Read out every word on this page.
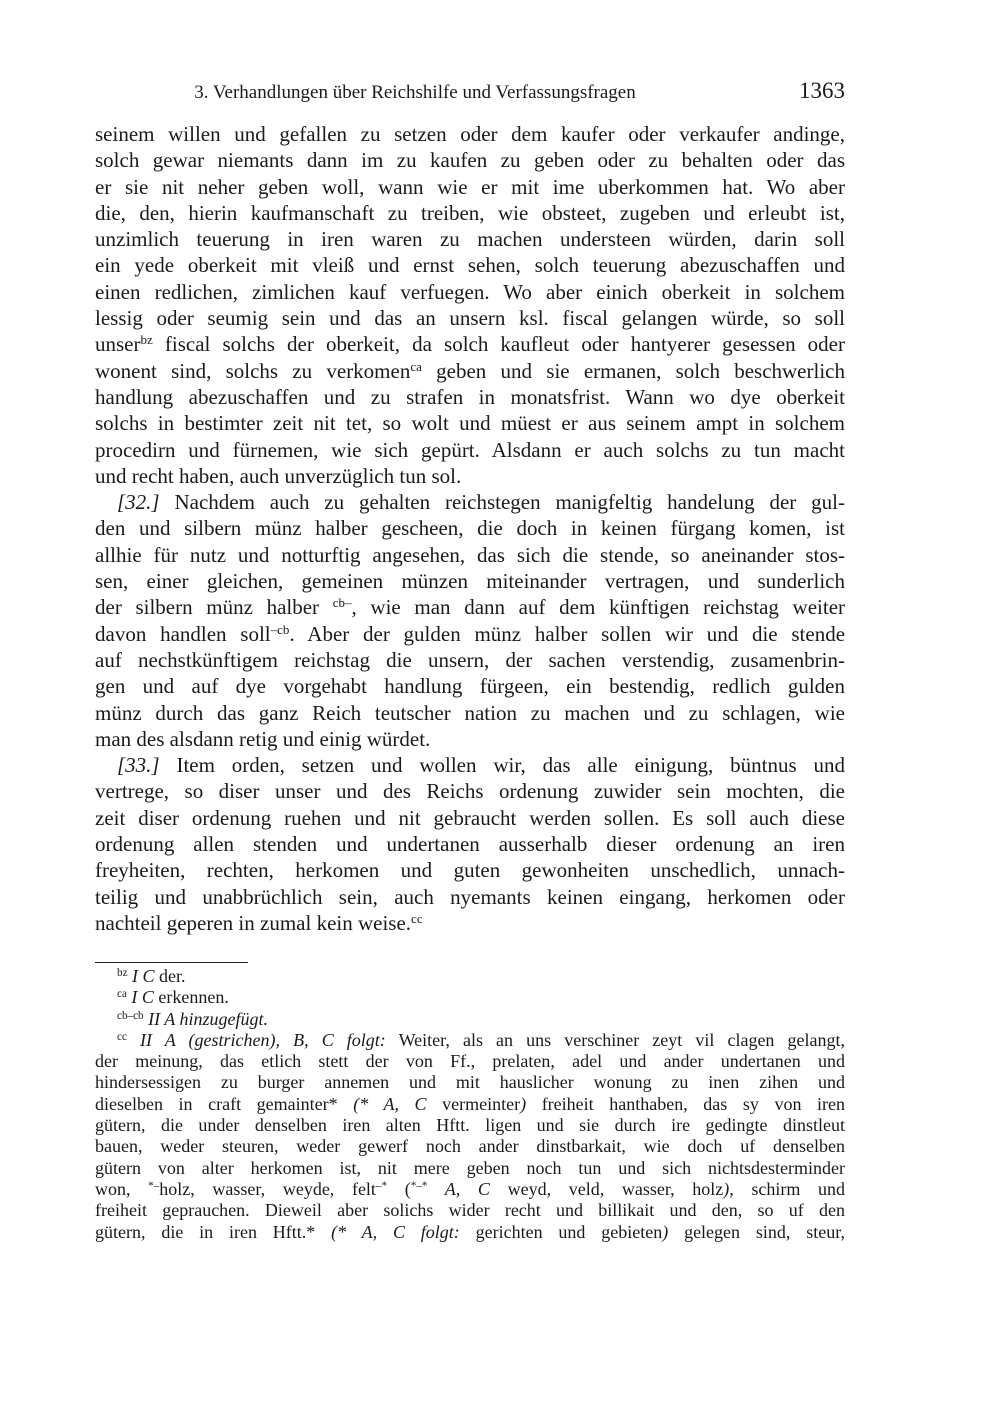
3. Verhandlungen über Reichshilfe und Verfassungsfragen	1363
seinem willen und gefallen zu setzen oder dem kaufer oder verkaufer andinge,
solch gewar niemants dann im zu kaufen zu geben oder zu behalten oder das
er sie nit neher geben woll, wann wie er mit ime uberkommen hat. Wo aber
die, den, hierin kaufmanschaft zu treiben, wie obsteet, zugeben und erleubt ist,
unzimlich teuerung in iren waren zu machen understeen würden, darin soll
ein yede oberkeit mit vleiß und ernst sehen, solch teuerung abezuschaffen und
einen redlichen, zimlichen kauf verfuegen. Wo aber einich oberkeit in solchem
lessig oder seumig sein und das an unsern ksl. fiscal gelangen würde, so soll
unser$^{bz}$ fiscal solchs der oberkeit, da solch kaufleut oder hantyerer gesessen oder
wonent sind, solchs zu verkomen$^{ca}$ geben und sie ermanen, solch beschwerlich
handlung abezuschaffen und zu strafen in monatsfrist. Wann wo dye oberkeit
solchs in bestimter zeit nit tet, so wolt und müest er aus seinem ampt in solchem
procedirn und fürnemen, wie sich gepürt. Alsdann er auch solchs zu tun macht
und recht haben, auch unverzüglich tun sol.
[32.] Nachdem auch zu gehalten reichstegen manigfeltig handelung der gul-
den und silbern münz halber gescheen, die doch in keinen fürgang komen, ist
allhie für nutz und notturftig angesehen, das sich die stende, so aneinander stos-
sen, einer gleichen, gemeinen münzen miteinander vertragen, und sunderlich
der silbern münz halber $^{cb-}$, wie man dann auf dem künftigen reichstag weiter
davon handlen soll$^{-cb}$. Aber der gulden münz halber sollen wir und die stende
auf nechstkünftigem reichstag die unsern, der sachen verstendig, zusamenbrin-
gen und auf dye vorgehabt handlung fürgeen, ein bestendig, redlich gulden
münz durch das ganz Reich teutscher nation zu machen und zu schlagen, wie
man des alsdann retig und einig würdet.
[33.] Item orden, setzen und wollen wir, das alle einigung, büntnus und
vertrege, so diser unser und des Reichs ordenung zuwider sein mochten, die
zeit diser ordenung ruehen und nit gebraucht werden sollen. Es soll auch diese
ordenung allen stenden und undertanen ausserhalb dieser ordenung an iren
freyheiten, rechten, herkomen und guten gewonheiten unschedlich, unnach-
teilig und unabbrüchlich sein, auch nyemants keinen eingang, herkomen oder
nachteil geperen in zumal kein weise.$^{cc}$
$^{bz}$ I C der.
$^{ca}$ I C erkennen.
$^{cb-cb}$ II A hinzugefügt.
$^{cc}$ II A (gestrichen), B, C folgt: Weiter, als an uns verschiner zeyt vil clagen gelangt,
der meinung, das etlich stett der von Ff., prelaten, adel und ander undertanen und
hindersessigen zu burger annemen und mit hauslicher wonung zu inen zihen und
dieselben in craft gemainter* (* A, C vermeinter) freiheit hanthaben, das sy von iren
gütern, die under denselben iren alten Hftt. ligen und sie durch ire gedingte dinstleut
bauen, weder steuren, weder gewerf noch ander dinstbarkait, wie doch uf denselben
gütern von alter herkomen ist, nit mere geben noch tun und sich nichtsdesterminder
won, *–holz, wasser, weyde, felt–* (*–* A, C weyd, veld, wasser, holz), schirm und
freiheit geprauchen. Dieweil aber solichs wider recht und billikait und den, so uf den
gütern, die in iren Hftt.* (* A, C folgt: gerichten und gebieten) gelegen sind, steur,
